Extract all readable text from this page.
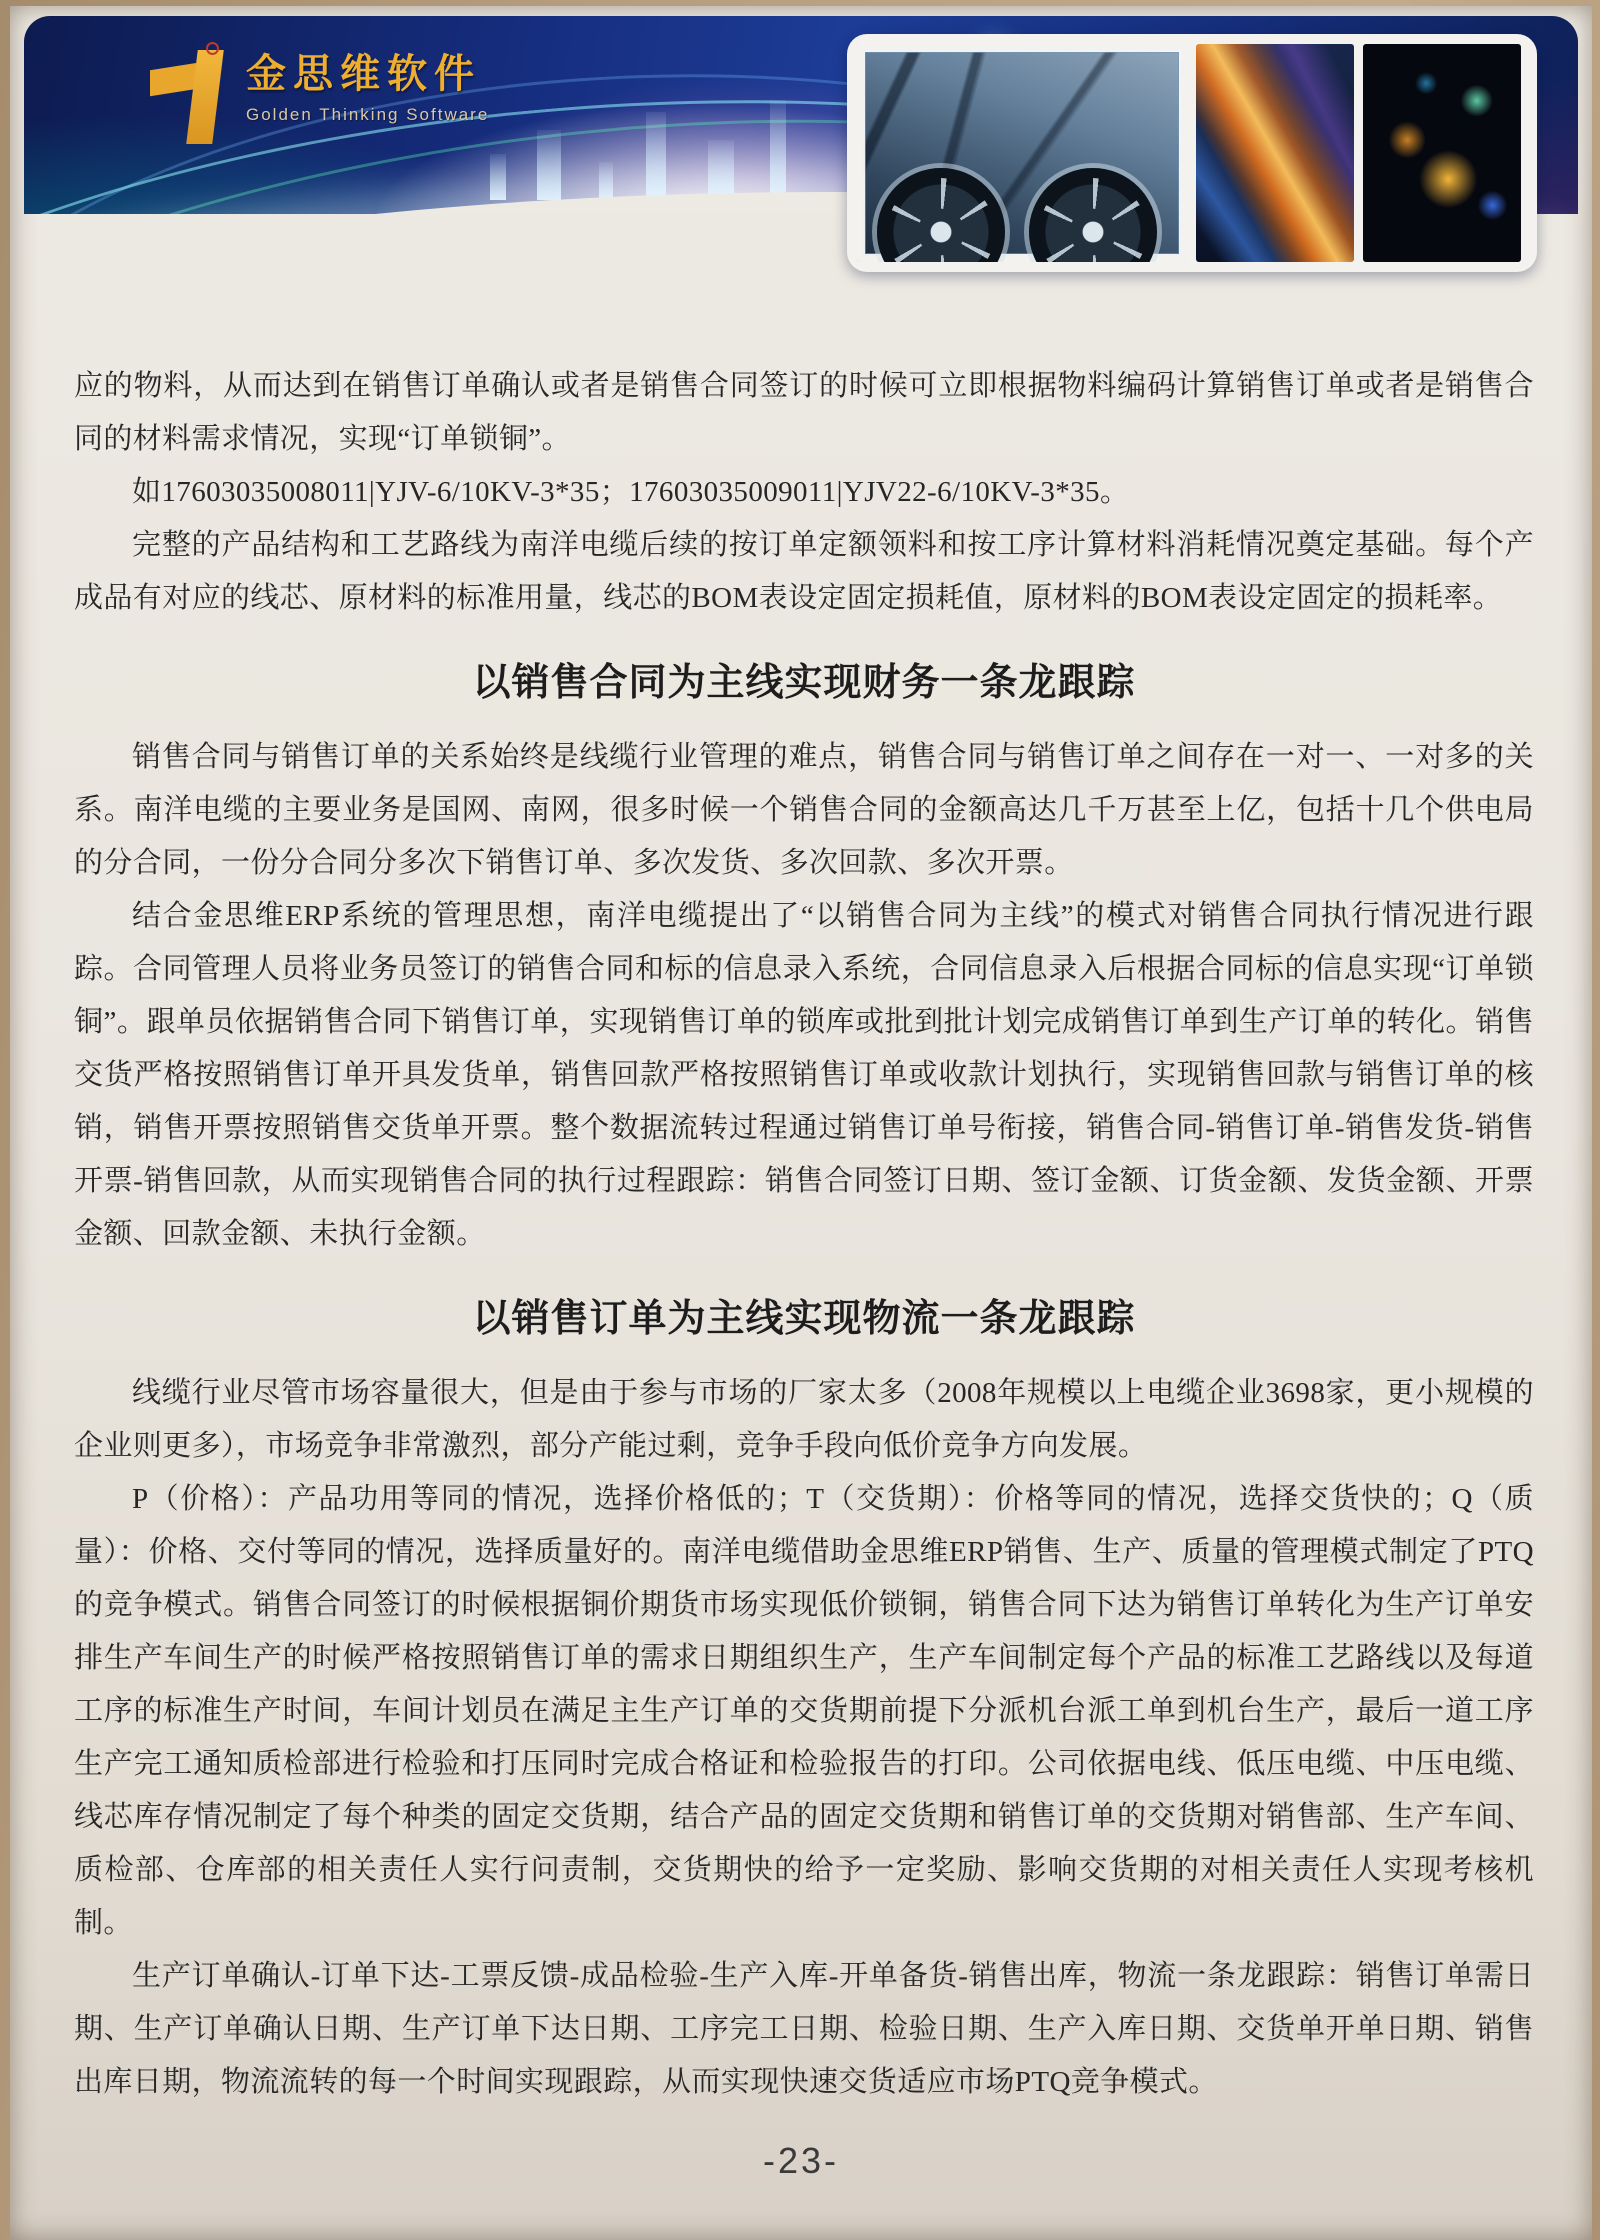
金思维软件
Golden Thinking Software

应的物料，从而达到在销售订单确认或者是销售合同签订的时候可立即根据物料编码计算销售订单或者是销售合同的材料需求情况，实现“订单锁铜”。

如17603035008011|YJV-6/10KV-3*35；17603035009011|YJV22-6/10KV-3*35。

完整的产品结构和工艺路线为南洋电缆后续的按订单定额领料和按工序计算材料消耗情况奠定基础。每个产成品有对应的线芯、原材料的标准用量，线芯的BOM表设定固定损耗值，原材料的BOM表设定固定的损耗率。

以销售合同为主线实现财务一条龙跟踪

销售合同与销售订单的关系始终是线缆行业管理的难点，销售合同与销售订单之间存在一对一、一对多的关系。南洋电缆的主要业务是国网、南网，很多时候一个销售合同的金额高达几千万甚至上亿，包括十几个供电局的分合同，一份分合同分多次下销售订单、多次发货、多次回款、多次开票。

结合金思维ERP系统的管理思想，南洋电缆提出了“以销售合同为主线”的模式对销售合同执行情况进行跟踪。合同管理人员将业务员签订的销售合同和标的信息录入系统，合同信息录入后根据合同标的信息实现“订单锁铜”。跟单员依据销售合同下销售订单，实现销售订单的锁库或批到批计划完成销售订单到生产订单的转化。销售交货严格按照销售订单开具发货单，销售回款严格按照销售订单或收款计划执行，实现销售回款与销售订单的核销，销售开票按照销售交货单开票。整个数据流转过程通过销售订单号衔接，销售合同-销售订单-销售发货-销售开票-销售回款，从而实现销售合同的执行过程跟踪：销售合同签订日期、签订金额、订货金额、发货金额、开票金额、回款金额、未执行金额。

以销售订单为主线实现物流一条龙跟踪

线缆行业尽管市场容量很大，但是由于参与市场的厂家太多（2008年规模以上电缆企业3698家，更小规模的企业则更多），市场竞争非常激烈，部分产能过剩，竞争手段向低价竞争方向发展。

P（价格）：产品功用等同的情况，选择价格低的；T（交货期）：价格等同的情况，选择交货快的；Q（质量）：价格、交付等同的情况，选择质量好的。南洋电缆借助金思维ERP销售、生产、质量的管理模式制定了PTQ的竞争模式。销售合同签订的时候根据铜价期货市场实现低价锁铜，销售合同下达为销售订单转化为生产订单安排生产车间生产的时候严格按照销售订单的需求日期组织生产，生产车间制定每个产品的标准工艺路线以及每道工序的标准生产时间，车间计划员在满足主生产订单的交货期前提下分派机台派工单到机台生产，最后一道工序生产完工通知质检部进行检验和打压同时完成合格证和检验报告的打印。公司依据电线、低压电缆、中压电缆、线芯库存情况制定了每个种类的固定交货期，结合产品的固定交货期和销售订单的交货期对销售部、生产车间、质检部、仓库部的相关责任人实行问责制，交货期快的给予一定奖励、影响交货期的对相关责任人实现考核机制。

生产订单确认-订单下达-工票反馈-成品检验-生产入库-开单备货-销售出库，物流一条龙跟踪：销售订单需日期、生产订单确认日期、生产订单下达日期、工序完工日期、检验日期、生产入库日期、交货单开单日期、销售出库日期，物流流转的每一个时间实现跟踪，从而实现快速交货适应市场PTQ竞争模式。

-23-
